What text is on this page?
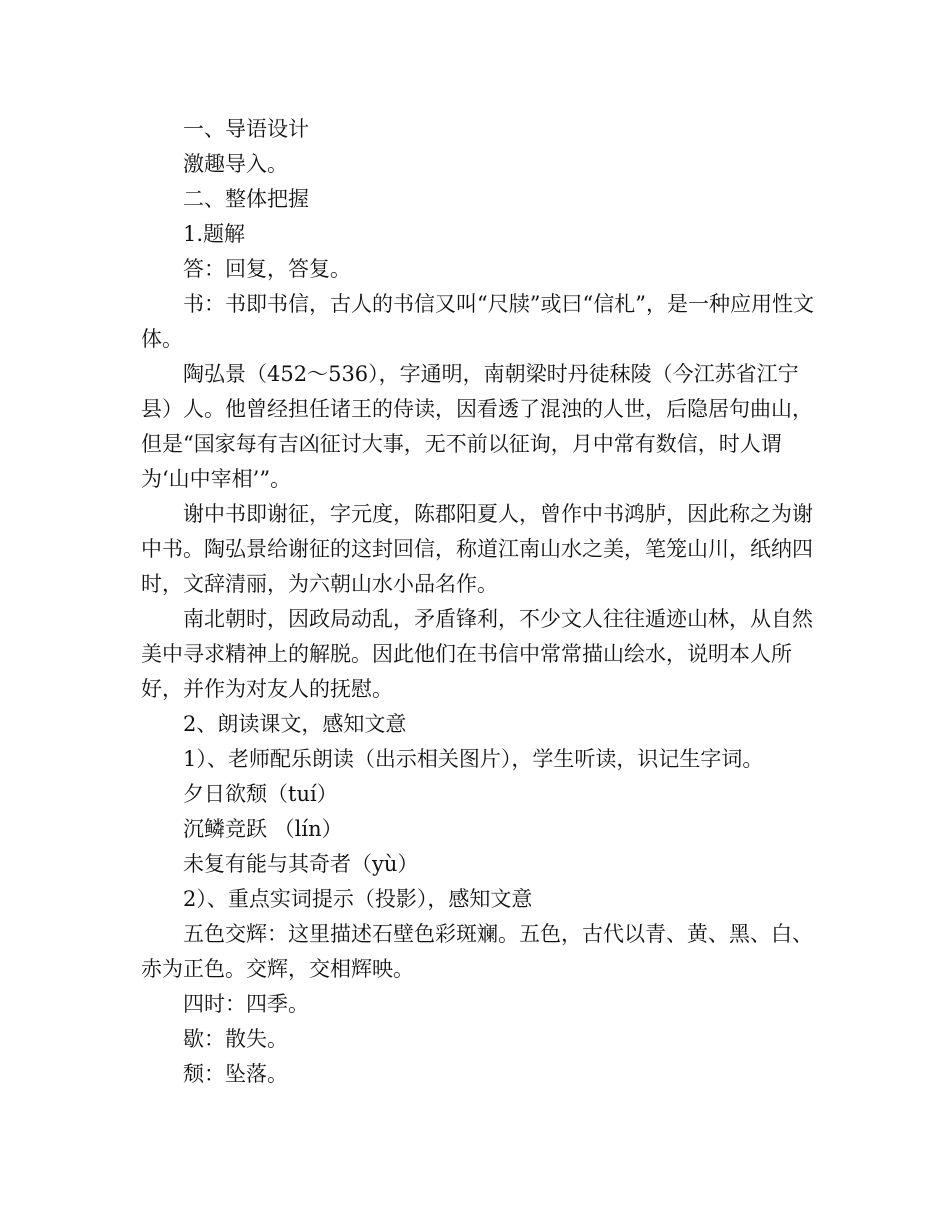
一、导语设计

激趣导入。

二、整体把握

1.题解

答：回复，答复。

书：书即书信，古人的书信又叫“尺牍”或曰“信札”，是一种应用性文体。

陶弘景（452～536），字通明，南朝梁时丹徒秣陵（今江苏省江宁县）人。他曾经担任诸王的侍读，因看透了混浊的人世，后隐居句曲山，但是“国家每有吉凶征讨大事，无不前以征询，月中常有数信，时人谓为‘山中宰相’”。

谢中书即谢征，字元度，陈郡阳夏人，曾作中书鸿胪，因此称之为谢中书。陶弘景给谢征的这封回信，称道江南山水之美，笔笼山川，纸纳四时，文辞清丽，为六朝山水小品名作。

南北朝时，因政局动乱，矛盾锋利，不少文人往往遁迹山林，从自然美中寻求精神上的解脱。因此他们在书信中常常描山绘水，说明本人所好，并作为对友人的抚慰。

2、朗读课文，感知文意

1）、老师配乐朗读（出示相关图片），学生听读，识记生字词。

夕日欲颓（tuí）

沉鳞竞跃 （lín）

未复有能与其奇者（yù）

2）、重点实词提示（投影），感知文意

五色交辉：这里描述石壁色彩斑斓。五色，古代以青、黄、黑、白、赤为正色。交辉，交相辉映。

四时：四季。

歇：散失。

颓：坠落。
